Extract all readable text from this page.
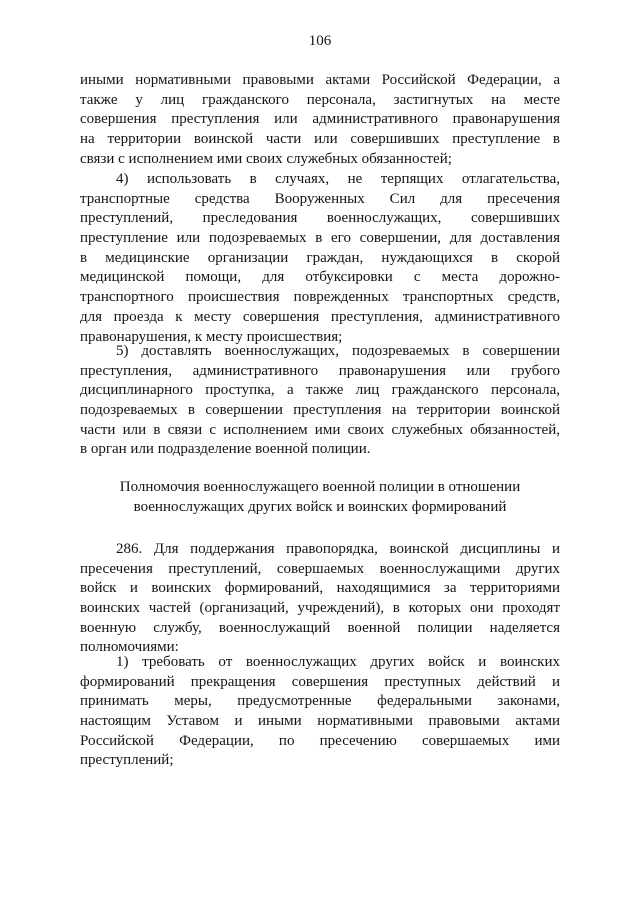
106
иными нормативными правовыми актами Российской Федерации, а
также у лиц гражданского персонала, застигнутых на месте
совершения преступления или административного правонарушения
на территории воинской части или совершивших преступление в
связи с исполнением ими своих служебных обязанностей;
4) использовать в случаях, не терпящих отлагательства,
транспортные средства Вооруженных Сил для пресечения
преступлений, преследования военнослужащих, совершивших
преступление или подозреваемых в его совершении, для доставления
в медицинские организации граждан, нуждающихся в скорой
медицинской помощи, для отбуксировки с места дорожно-
транспортного происшествия поврежденных транспортных средств,
для проезда к месту совершения преступления, административного
правонарушения, к месту происшествия;
5) доставлять военнослужащих, подозреваемых в совершении
преступления, административного правонарушения или грубого
дисциплинарного проступка, а также лиц гражданского персонала,
подозреваемых в совершении преступления на территории воинской
части или в связи с исполнением ими своих служебных обязанностей,
в орган или подразделение военной полиции.
Полномочия военнослужащего военной полиции в отношении
военнослужащих других войск и воинских формирований
286. Для поддержания правопорядка, воинской дисциплины и
пресечения преступлений, совершаемых военнослужащими других
войск и воинских формирований, находящимися за территориями
воинских частей (организаций, учреждений), в которых они проходят
военную службу, военнослужащий военной полиции наделяется
полномочиями:
1) требовать от военнослужащих других войск и воинских
формирований прекращения совершения преступных действий и
принимать меры, предусмотренные федеральными законами,
настоящим Уставом и иными нормативными правовыми актами
Российской Федерации, по пресечению совершаемых ими
преступлений;
